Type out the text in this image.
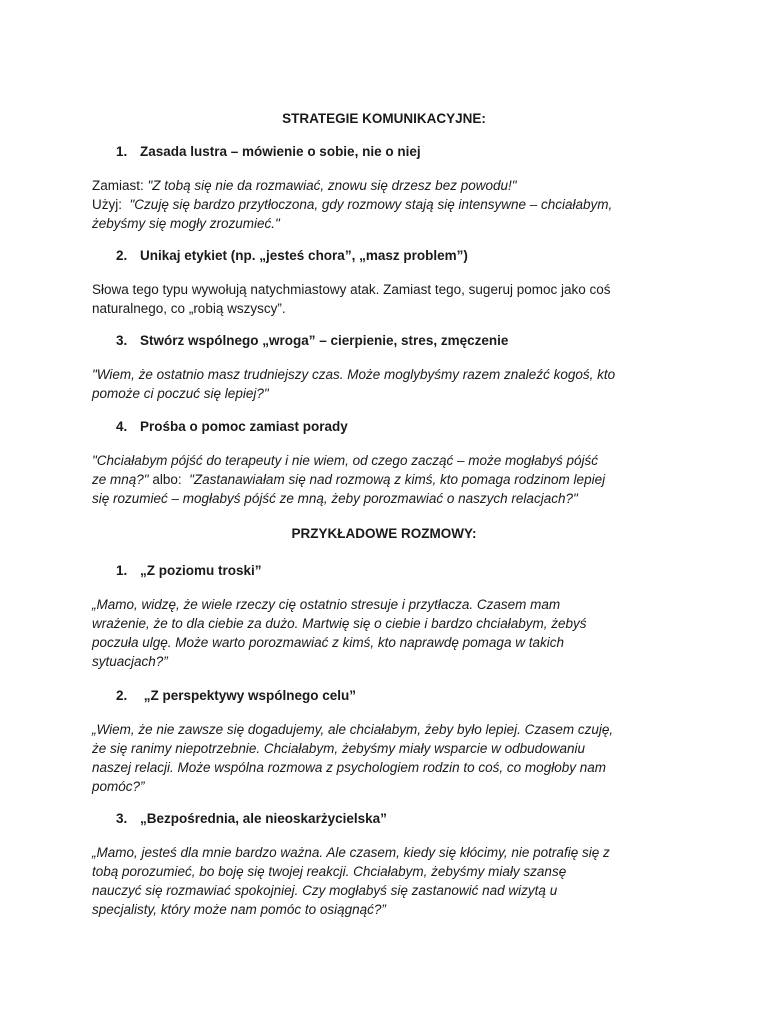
STRATEGIE KOMUNIKACYJNE:
1. Zasada lustra – mówienie o sobie, nie o niej
Zamiast: "Z tobą się nie da rozmawiać, znowu się drzesz bez powodu!"
Użyj:  "Czuję się bardzo przytłoczona, gdy rozmowy stają się intensywne – chciałabym,
żebyśmy się mogły zrozumieć."
2. Unikaj etykiet (np. „jesteś chora”, „masz problem”)
Słowa tego typu wywołują natychmiastowy atak. Zamiast tego, sugeruj pomoc jako coś
naturalnego, co „robią wszyscy”.
3. Stwórz wspólnego „wroga” – cierpienie, stres, zmęczenie
"Wiem, że ostatnio masz trudniejszy czas. Może moglybyśmy razem znaleźć kogoś, kto
pomoże ci poczuć się lepiej?"
4. Prośba o pomoc zamiast porady
"Chciałabym pójść do terapeuty i nie wiem, od czego zacząć – może mogłabyś pójść
ze mną?" albo:  "Zastanawiałam się nad rozmową z kimś, kto pomaga rodzinom lepiej
się rozumieć – mogłabyś pójść ze mną, żeby porozmawiać o naszych relacjach?"
PRZYKŁADOWE ROZMOWY:
1. „Z poziomu troski”
„Mamo, widzę, że wiele rzeczy cię ostatnio stresuje i przytłacza. Czasem mam
wrażenie, że to dla ciebie za dużo. Martwię się o ciebie i bardzo chciałabym, żebyś
poczuła ulgę. Może warto porozmawiać z kimś, kto naprawdę pomaga w takich
sytuacjach?”
2. „Z perspektywy wspólnego celu”
„Wiem, że nie zawsze się dogadujemy, ale chciałabym, żeby było lepiej. Czasem czuję,
że się ranimy niepotrzebnie. Chciałabym, żebyśmy miały wsparcie w odbudowaniu
naszej relacji. Może wspólna rozmowa z psychologiem rodzin to coś, co mogłoby nam
pomóc?”
3. „Bezpośrednia, ale nieoskarżycielska”
„Mamo, jesteś dla mnie bardzo ważna. Ale czasem, kiedy się kłócimy, nie potrafię się z
tobą porozumieć, bo boję się twojej reakcji. Chciałabym, żebyśmy miały szansę
nauczyć się rozmawiać spokojniej. Czy mogłabyś się zastanowić nad wizytą u
specjalisty, który może nam pomóc to osiągnąć?”
